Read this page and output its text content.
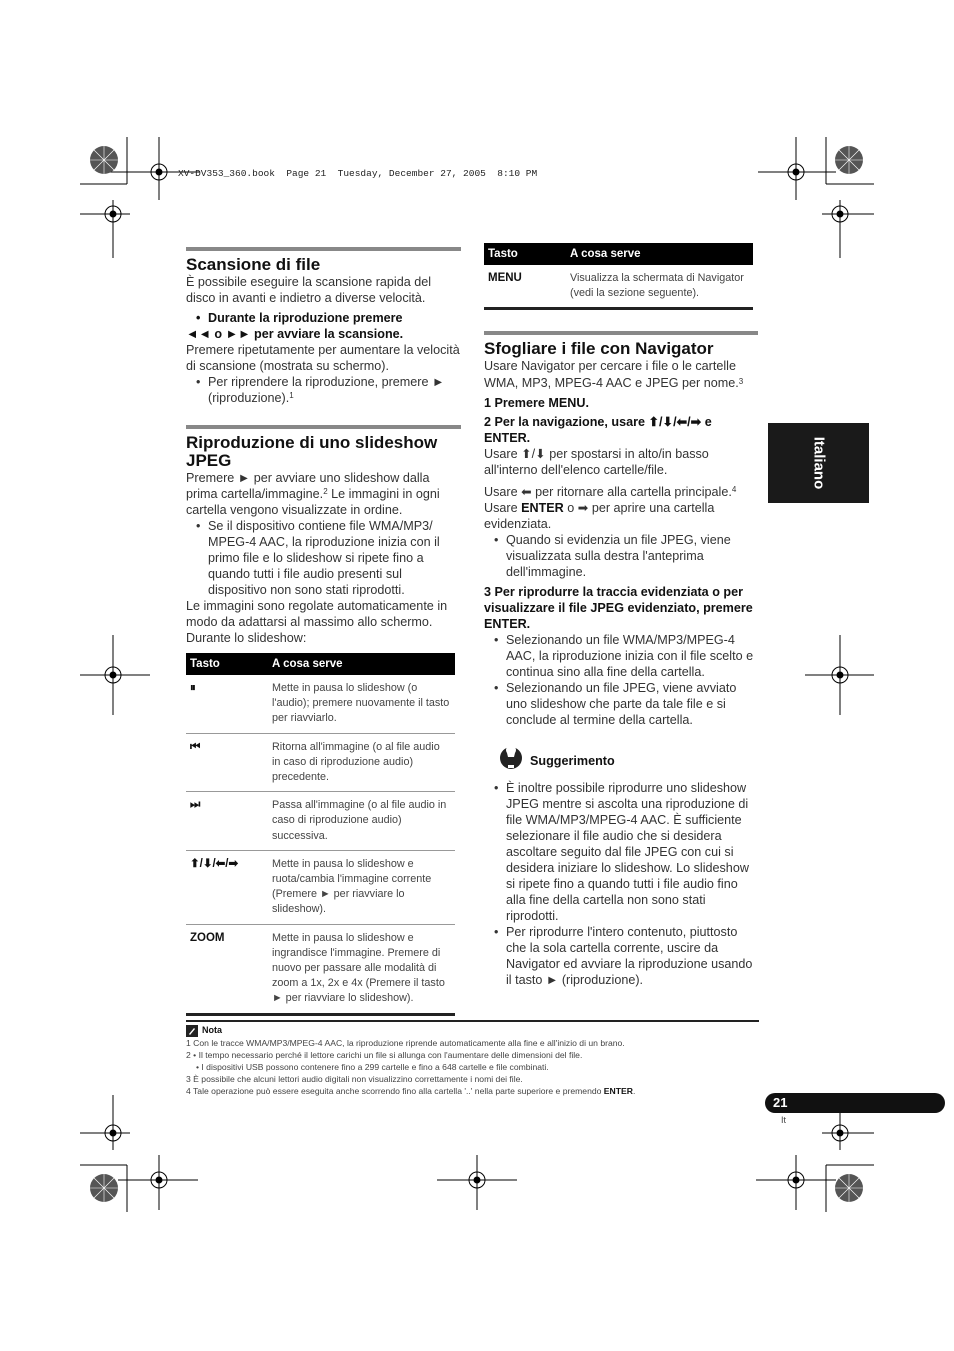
XV-DV353_360.book  Page 21  Tuesday, December 27, 2005  8:10 PM
Scansione di file
È possibile eseguire la scansione rapida del disco in avanti e indietro a diverse velocità.
• Durante la riproduzione premere
◄◄ o ►► per avviare la scansione.
Premere ripetutamente per aumentare la velocità di scansione (mostrata su schermo).
• Per riprendere la riproduzione, premere ►
(riproduzione).$^1$
Riproduzione di uno slideshow JPEG
Premere ► per avviare uno slideshow dalla prima cartella/immagine.$^2$ Le immagini in ogni cartella vengono visualizzate in ordine.
• Se il dispositivo contiene file WMA/MP3/ MPEG-4 AAC, la riproduzione inizia con il primo file e lo slideshow si ripete fino a quando tutti i file audio presenti sul dispositivo non sono stati riprodotti.
Le immagini sono regolate automaticamente in modo da adattarsi al massimo allo schermo. Durante lo slideshow:
Tasto	A cosa serve
⏸	Mette in pausa lo slideshow (o l'audio); premere nuovamente il tasto per riavviarlo.
⏮	Ritorna all'immagine (o al file audio in caso di riproduzione audio) precedente.
⏭	Passa all'immagine (o al file audio in caso di riproduzione audio) successiva.
⬆/⬇/⬅/➡	Mette in pausa lo slideshow e ruota/cambia l'immagine corrente (Premere ► per riavviare lo slideshow).
ZOOM	Mette in pausa lo slideshow e ingrandisce l'immagine. Premere di nuovo per passare alle modalità di zoom a 1x, 2x e 4x (Premere il tasto ► per riavviare lo slideshow).
Tasto	A cosa serve
MENU	Visualizza la schermata di Navigator (vedi la sezione seguente).
Sfogliare i file con Navigator
Usare Navigator per cercare i file o le cartelle WMA, MP3, MPEG-4 AAC e JPEG per nome.$^3$
1 Premere MENU.
2 Per la navigazione, usare ⬆/⬇/⬅/➡ e ENTER.
Usare ⬆/⬇ per spostarsi in alto/in basso all'interno dell'elenco cartelle/file.
Usare ⬅ per ritornare alla cartella principale.$^4$
Usare ENTER o ➡ per aprire una cartella evidenziata.
• Quando si evidenzia un file JPEG, viene visualizzata sulla destra l'anteprima dell'immagine.
3 Per riprodurre la traccia evidenziata o per visualizzare il file JPEG evidenziato, premere ENTER.
• Selezionando un file WMA/MP3/MPEG-4 AAC, la riproduzione inizia con il file scelto e continua sino alla fine della cartella.
• Selezionando un file JPEG, viene avviato uno slideshow che parte da tale file e si conclude al termine della cartella.
Suggerimento
• È inoltre possibile riprodurre uno slideshow JPEG mentre si ascolta una riproduzione di file WMA/MP3/MPEG-4 AAC. È sufficiente selezionare il file audio che si desidera ascoltare seguito dal file JPEG con cui si desidera iniziare lo slideshow. Lo slideshow si ripete fino a quando tutti i file audio fino alla fine della cartella non sono stati riprodotti.
• Per riprodurre l'intero contenuto, piuttosto che la sola cartella corrente, uscire da Navigator ed avviare la riproduzione usando il tasto ► (riproduzione).
Italiano
Nota
1 Con le tracce WMA/MP3/MPEG-4 AAC, la riproduzione riprende automaticamente alla fine e all'inizio di un brano.
2 • Il tempo necessario perché il lettore carichi un file si allunga con l'aumentare delle dimensioni del file.
• I dispositivi USB possono contenere fino a 299 cartelle e fino a 648 cartelle e file combinati.
3 È possibile che alcuni lettori audio digitali non visualizzino correttamente i nomi dei file.
4 Tale operazione può essere eseguita anche scorrendo fino alla cartella '..' nella parte superiore e premendo ENTER.
21
It
